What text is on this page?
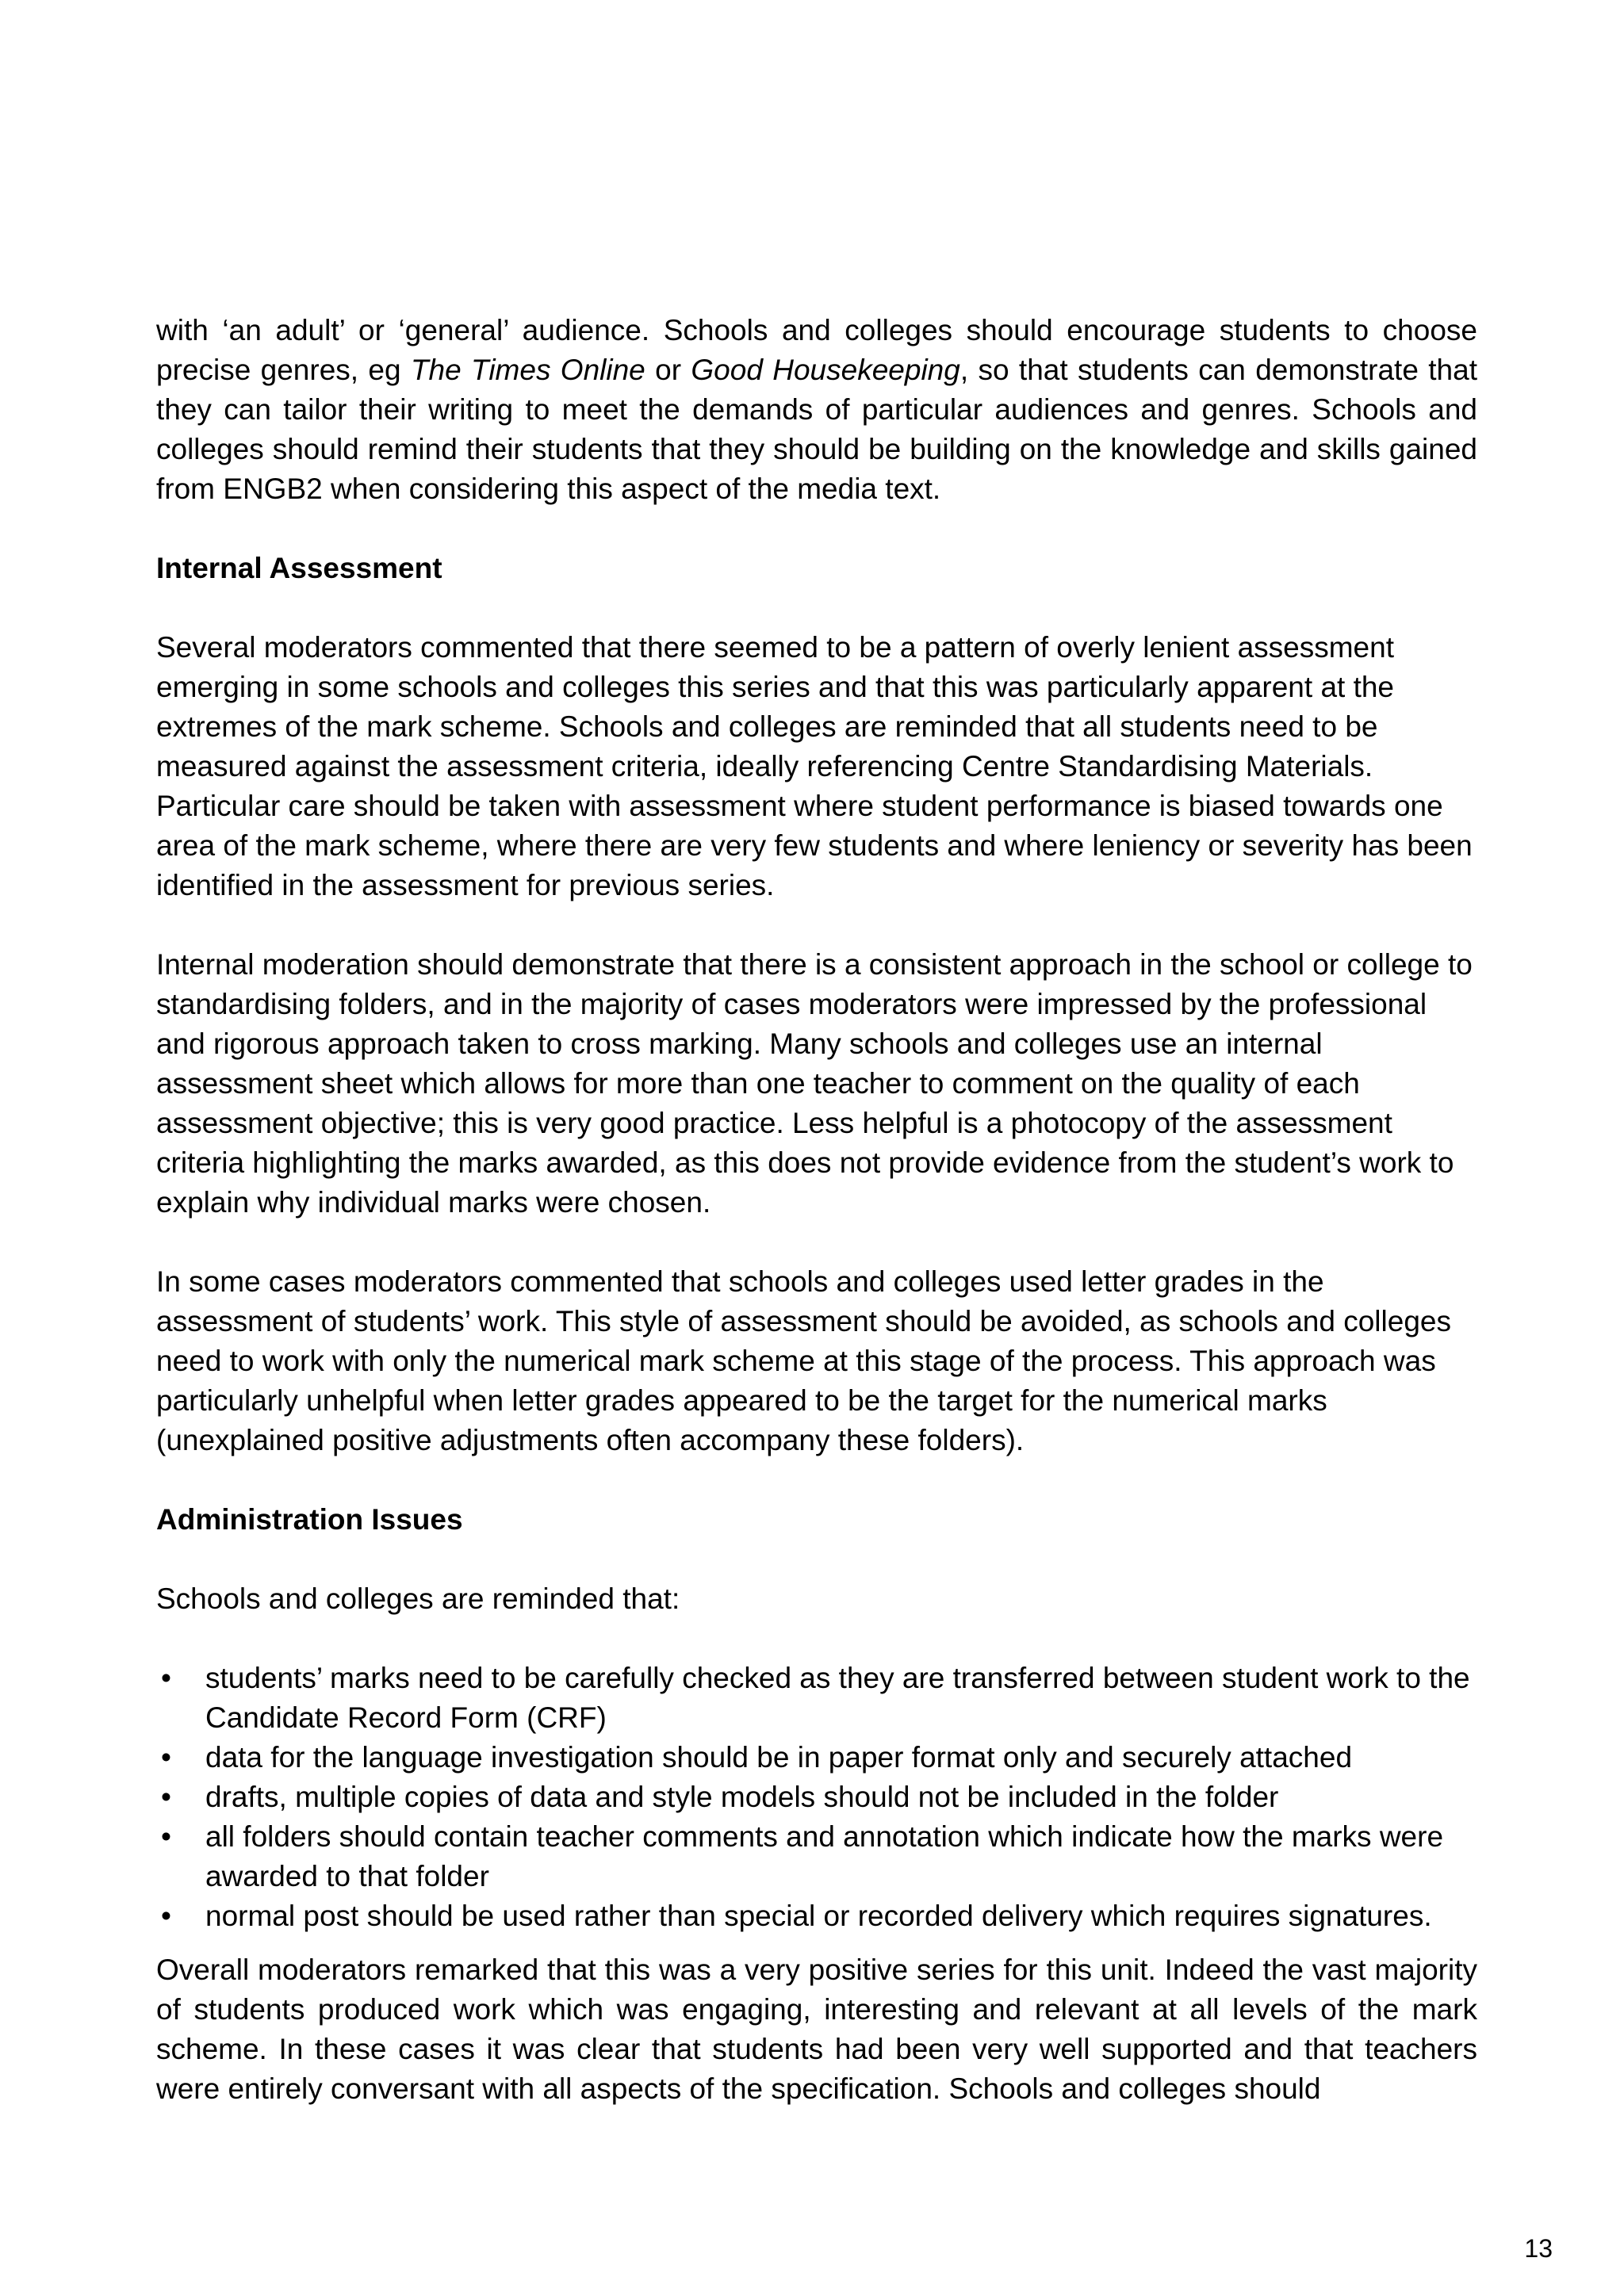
with ‘an adult’ or ‘general’ audience. Schools and colleges should encourage students to choose precise genres, eg The Times Online or Good Housekeeping, so that students can demonstrate that they can tailor their writing to meet the demands of particular audiences and genres. Schools and colleges should remind their students that they should be building on the knowledge and skills gained from ENGB2 when considering this aspect of the media text.

Internal Assessment

Several moderators commented that there seemed to be a pattern of overly lenient assessment emerging in some schools and colleges this series and that this was particularly apparent at the extremes of the mark scheme. Schools and colleges are reminded that all students need to be measured against the assessment criteria, ideally referencing Centre Standardising Materials. Particular care should be taken with assessment where student performance is biased towards one area of the mark scheme, where there are very few students and where leniency or severity has been identified in the assessment for previous series.

Internal moderation should demonstrate that there is a consistent approach in the school or college to standardising folders, and in the majority of cases moderators were impressed by the professional and rigorous approach taken to cross marking. Many schools and colleges use an internal assessment sheet which allows for more than one teacher to comment on the quality of each assessment objective; this is very good practice. Less helpful is a photocopy of the assessment criteria highlighting the marks awarded, as this does not provide evidence from the student’s work to explain why individual marks were chosen.

In some cases moderators commented that schools and colleges used letter grades in the assessment of students’ work. This style of assessment should be avoided, as schools and colleges need to work with only the numerical mark scheme at this stage of the process. This approach was particularly unhelpful when letter grades appeared to be the target for the numerical marks (unexplained positive adjustments often accompany these folders).

Administration Issues

Schools and colleges are reminded that:

• students’ marks need to be carefully checked as they are transferred between student work to the Candidate Record Form (CRF)
• data for the language investigation should be in paper format only and securely attached
• drafts, multiple copies of data and style models should not be included in the folder
• all folders should contain teacher comments and annotation which indicate how the marks were awarded to that folder
• normal post should be used rather than special or recorded delivery which requires signatures.

Overall moderators remarked that this was a very positive series for this unit. Indeed the vast majority of students produced work which was engaging, interesting and relevant at all levels of the mark scheme. In these cases it was clear that students had been very well supported and that teachers were entirely conversant with all aspects of the specification. Schools and colleges should

13
